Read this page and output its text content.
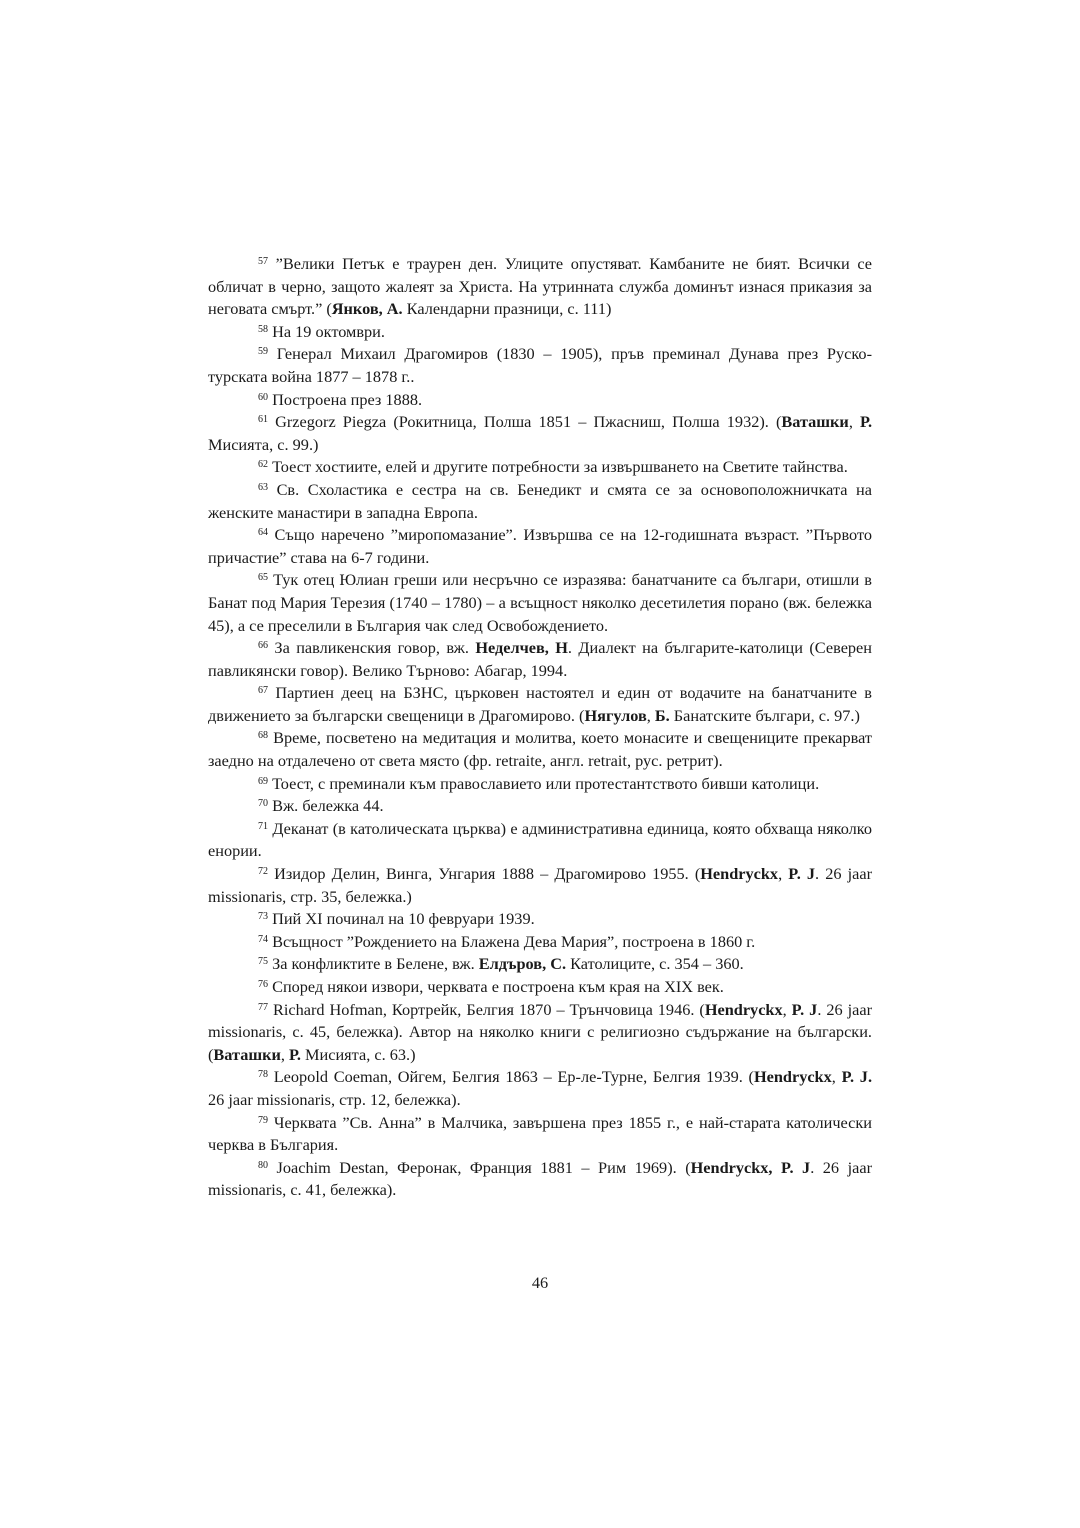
$^{57}$ ”Велики Петък е траурен ден. Улиците опустяват. Камбаните не бият. Всички се обличат в черно, защото жалеят за Христа. На утринната служба доминът изнася приказия за неговата смърт.” (Янков, А. Календарни празници, с. 111)

$^{58}$ На 19 октомври.

$^{59}$ Генерал Михаил Драгомиров (1830 – 1905), пръв преминал Дунава през Руско-турската война 1877 – 1878 г..

$^{60}$ Построена през 1888.

$^{61}$ Grzegorz Piegza (Рокитница, Полша 1851 – Пжасниш, Полша 1932). (Ваташки, Р. Мисията, с. 99.)

$^{62}$ Тоест хостиите, елей и другите потребности за извършването на Светите тайнства.

$^{63}$ Св. Схоластика е сестра на св. Бенедикт и смята се за основоположничката на женските манастири в западна Европа.

$^{64}$ Също наречено ”миропомазание”. Извършва се на 12-годишната възраст. ”Първото причастие” става на 6-7 години.

$^{65}$ Тук отец Юлиан греши или несръчно се изразява: банатчаните са българи, отишли в Банат под Мария Терезия (1740 – 1780) – а всъщност няколко десетилетия порано (вж. бележка 45), а се преселили в България чак след Освобождението.

$^{66}$ За павликенския говор, вж. Неделчев, Н. Диалект на българите-католици (Северен павликянски говор). Велико Търново: Абагар, 1994.

$^{67}$ Партиен деец на БЗНС, църковен настоятел и един от водачите на банатчаните в движението за български свещеници в Драгомирово. (Нягулов, Б. Банатските българи, с. 97.)

$^{68}$ Време, посветено на медитация и молитва, което монасите и свещениците прекарват заедно на отдалечено от света място (фр. retraite, англ. retrait, рус. ретрит).

$^{69}$ Тоест, с преминали към православието или протестантството бивши католици.

$^{70}$ Вж. бележка 44.

$^{71}$ Деканат (в католическата църква) е административна единица, която обхваща няколко енории.

$^{72}$ Изидор Делин, Винга, Унгария 1888 – Драгомирово 1955. (Hendryckx, P. J. 26 jaar missionaris, стр. 35, бележка.)

$^{73}$ Пий XI починал на 10 февруари 1939.

$^{74}$ Всъщност ”Рождението на Блажена Дева Мария”, построена в 1860 г.

$^{75}$ За конфликтите в Белене, вж. Елдъров, С. Католиците, с. 354 – 360.

$^{76}$ Според някои извори, черквата е построена към края на XIX век.

$^{77}$ Richard Hofman, Кортрейк, Белгия 1870 – Трънчовица 1946. (Hendryckx, P. J. 26 jaar missionaris, с. 45, бележка). Автор на няколко книги с религиозно съдържание на български. (Ваташки, Р. Мисията, с. 63.)

$^{78}$ Leopold Coeman, Ойгем, Белгия 1863 – Ер-ле-Турне, Белгия 1939. (Hendryckx, P. J. 26 jaar missionaris, стр. 12, бележка).

$^{79}$ Черквата ”Св. Анна” в Малчика, завършена през 1855 г., е най-старата католически черква в България.

$^{80}$ Joachim Destan, Феронак, Франция 1881 – Рим 1969). (Hendryckx, P. J. 26 jaar missionaris, с. 41, бележка).

46
